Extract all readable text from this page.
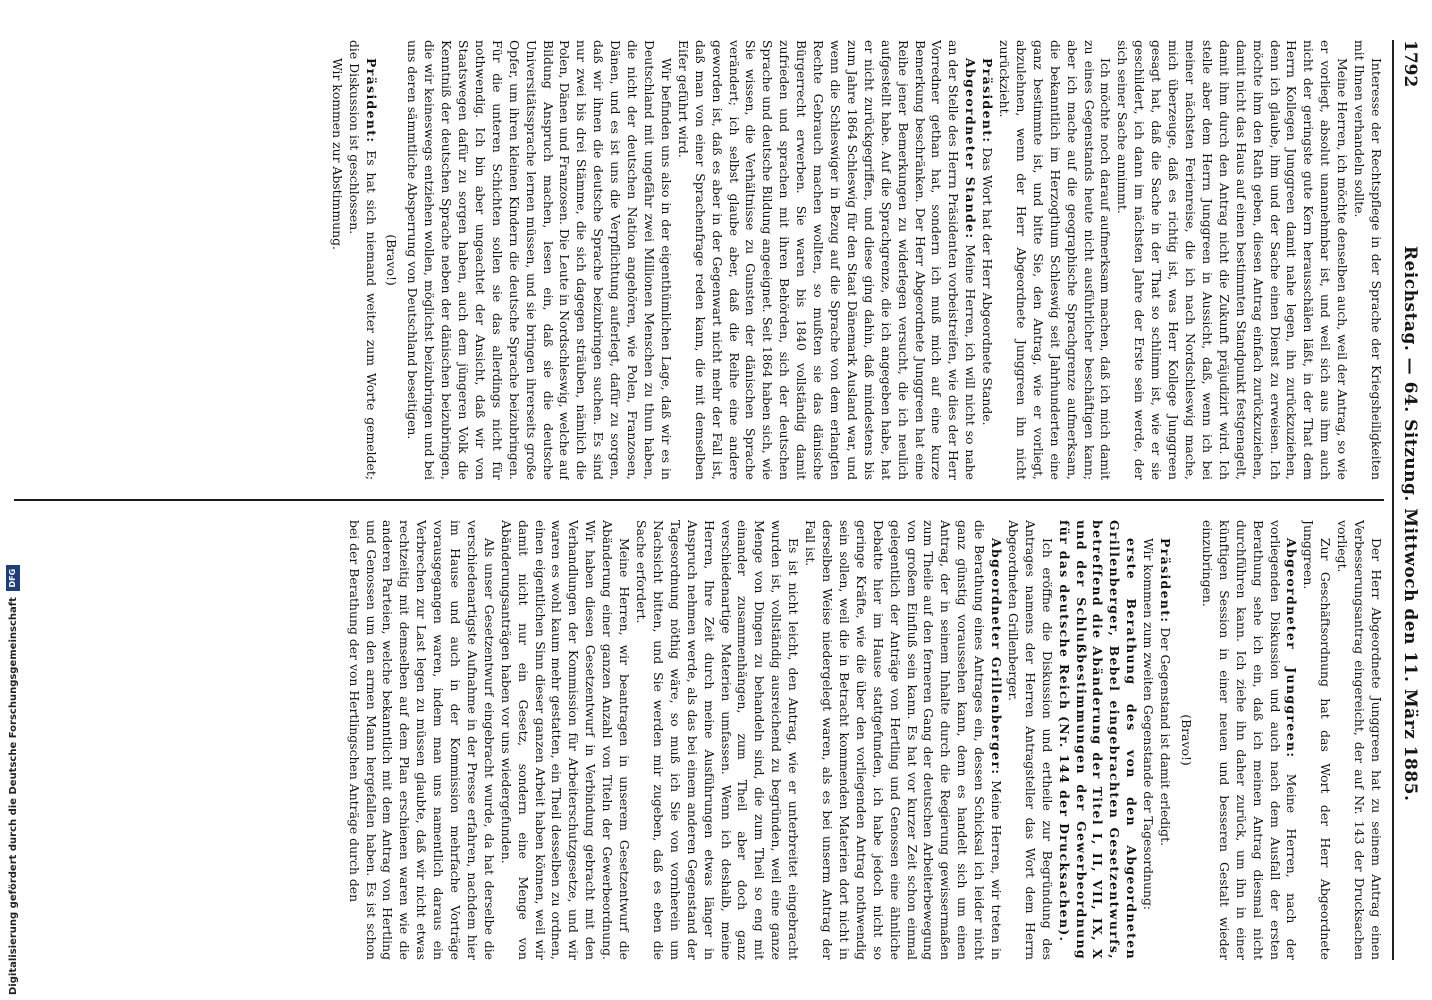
1792
Reichstag. — 64. Sitzung. Mittwoch den 11. März 1885.

Interesse der Rechtspflege in der Sprache der Kriegsheiligkeiten mit Ihnen verhandeln sollte.

Meine Herren, ich möchte denselben auch, weil der Antrag, so wie er vorliegt, absolut unannehmbar ist, und weil sich aus ihm auch nicht der geringste gute Kern herausschälen läßt, in der That dem Herrn Kollegen Junggreen damit nahe legen, ihn zurückzuziehen, denn ich glaube, ihm und der Sache einen Dienst zu erweisen. Ich möchte ihm den Rath geben, diesen Antrag einfach zurückzuziehen, damit nicht das Haus auf einen bestimmten Standpunkt festgenagelt, damit ihm durch den Antrag nicht die Zukunft präjudizirt wird. Ich stelle aber dem Herrn Junggreen in Aussicht, daß, wenn ich bei meiner nächsten Ferienreise, die ich nach Nordschleswig mache, mich überzeuge, daß es richtig ist, was Herr Kollege Junggreen gesagt hat, daß die Sache in der That so schlimm ist, wie er sie geschildert, ich dann im nächsten Jahre der Erste sein werde, der sich seiner Sache annimmt.

Ich möchte noch darauf aufmerksam machen, daß ich mich damit zu eines Gegenstands heute nicht ausführlicher beschäftigen kann; aber ich mache auf die geographische Sprachgrenze aufmerksam, die bekanntlich im Herzogthum Schleswig seit Jahrhunderten eine ganz bestimmte ist, und bitte Sie, den Antrag, wie er vorliegt, abzulehnen, wenn der Herr Abgeordnete Junggreen ihn nicht zurückzieht.

Präsident: Das Wort hat der Herr Abgeordnete Stande.

Abgeordneter Stande: Meine Herren, ich will nicht so nahe an der Stelle des Herrn Präsidenten vorbeistreifen, wie dies der Herr Vorredner gethan hat, sondern ich muß mich auf eine kurze Bemerkung beschränken. Der Herr Abgeordnete Junggreen hat eine Reihe jener Bemerkungen zu widerlegen versucht, die ich neulich aufgestellt habe. Auf die Sprachgrenze, die ich angegeben habe, hat er nicht zurückgegriffen, und diese ging dahin, daß mindestens bis zum Jahre 1864 Schleswig für den Staat Dänemark Ausland war, und wenn die Schleswiger in Bezug auf die Sprache von dem erlangten Rechte Gebrauch machen wollten, so mußten sie das dänische Bürgerrecht erwerben. Sie waren bis 1840 vollständig damit zufrieden und sprachen mit ihren Behörden, sich der deutschen Sprache und deutsche Bildung angeeignet. Seit 1864 haben sich, wie Sie wissen, die Verhältnisse zu Gunsten der dänischen Sprache verändert; ich selbst glaube aber, daß die Reihe eine andere geworden ist, daß es aber in der Gegenwart nicht mehr der Fall ist, daß man von einer Sprachenfrage reden kann, die mit demselben Eifer geführt wird.

Wir befinden uns also in der eigenthümlichen Lage, daß wir es in Deutschland mit ungefähr zwei Millionen Menschen zu thun haben, die nicht der deutschen Nation angehören, wie Polen, Franzosen, Dänen, und es ist uns die Verpflichtung auferlegt, dafür zu sorgen, daß wir ihnen die deutsche Sprache beizubringen suchen. Es sind nur zwei bis drei Stämme, die sich dagegen sträuben, nämlich die Polen, Dänen und Franzosen. Die Leute in Nordschleswig, welche auf Bildung Anspruch machen, lesen ein, daß sie die deutsche Universitätssprache lernen müssen, und sie bringen ihrerseits große Opfer, um ihren kleinen Kindern die deutsche Sprache beizubringen. Für die unteren Schichten sollen sie das allerdings nicht für nothwendig. Ich bin aber ungeachtet der Ansicht, daß wir von Staatswegen dafür zu sorgen haben, auch dem jüngeren Volk die Kenntniß der deutschen Sprache neben der dänischen beizubringen, die wir keineswegs entziehen wollen, möglichst beizubringen und bei uns deren sämmtliche Absperrung von Deutschland beseitigen.

(Bravo!)

Präsident: Es hat sich niemand weiter zum Worte gemeldet; die Diskussion ist geschlossen.

Wir kommen zur Abstimmung.

Der Herr Abgeordnete Junggreen hat zu seinem Antrag einen Verbesserungsantrag eingereicht, der auf Nr. 143 der Drucksachen vorliegt.

Zur Geschäftsordnung hat das Wort der Herr Abgeordnete Junggreen.

Abgeordneter Junggreen: Meine Herren, nach der vorliegenden Diskussion und auch nach dem Ausfall der ersten Berathung sehe ich ein, daß ich meinen Antrag diesmal nicht durchführen kann. Ich ziehe ihn daher zurück, um ihn in einer künftigen Session in einer neuen und besseren Gestalt wieder einzubringen.

(Bravo!)

Präsident: Der Gegenstand ist damit erledigt.

Wir kommen zum zweiten Gegenstande der Tagesordnung:

erste Berathung des von den Abgeordneten Grillenberger, Bebel eingebrachten Gesetzentwurfs, betreffend die Abänderung der Titel I, II, VII, IX, X und der Schlußbestimmungen der Gewerbeordnung für das deutsche Reich (Nr. 144 der Drucksachen).

Ich eröffne die Diskussion und ertheile zur Begründung des Antrages namens der Herren Antragsteller das Wort dem Herrn Abgeordneten Grillenberger.

Abgeordneter Grillenberger: Meine Herren, wir treten in die Berathung eines Antrages ein, dessen Schicksal ich leider nicht ganz günstig voraussehen kann, denn es handelt sich um einen Antrag, der in seinem Inhalte durch die Regierung gewissermaßen zum Theile auf den ferneren Gang der deutschen Arbeiterbewegung von großem Einfluß sein kann. Es hat vor kurzer Zeit schon einmal gelegentlich der Anträge von Hertling und Genossen eine ähnliche Debatte hier im Hause stattgefunden, ich habe jedoch nicht so geringe Kräfte, wie die über den vorliegenden Antrag nothwendig sein sollen, weil die in Betracht kommenden Materien dort nicht in derselben Weise niedergelegt waren, als es bei unserm Antrag der Fall ist.

Es ist nicht leicht, den Antrag, wie er unterbreitet eingebracht wurden ist, vollständig ausreichend zu begründen, weil eine ganze Menge von Dingen zu behandeln sind, die zum Theil so eng mit einander zusammenhängen, zum Theil aber doch ganz verschiedenartige Materien umfassen. Wenn ich deshalb, meine Herren, Ihre Zeit durch meine Ausführungen etwas länger in Anspruch nehmen werde, als das bei einem anderen Gegenstand der Tagesordnung nöthig wäre, so muß ich Sie von vornherein um Nachsicht bitten, und Sie werden mir zugeben, daß es eben die Sache erfordert.

Meine Herren, wir beantragen in unserem Gesetzentwurf die Abänderung einer ganzen Anzahl von Titeln der Gewerbeordnung. Wir haben diesen Gesetzentwurf in Verbindung gebracht mit den Verhandlungen der Kommission für Arbeiterschutzgesetze, und wir waren es wohl kaum mehr gestatten, ein Theil desselben zu ordnen, einen eigentlichen Sinn dieser ganzen Arbeit haben können, weil wir damit nicht nur ein Gesetz, sondern eine Menge von Abänderungsanträgen haben vor uns wiedergefunden.

Als unser Gesetzentwurf eingebracht wurde, da hat derselbe die verschiedenartigste Aufnahme in der Presse erfahren, nachdem hier im Hause und auch in der Kommission mehrfache Vorträge vorausgegangen waren, indem man uns namentlich daraus ein Verbrechen zur Last legen zu müssen glaubte, daß wir nicht etwas rechtzeitig mit demselben auf dem Plan erschienen waren wie die anderen Parteien, welche bekanntlich mit dem Antrag von Hertling und Genossen um den armen Mann hergefallen haben. Es ist schon bei der Berathung der von Hertlingschen Anträge durch den

Digitalisierung gefördert durch die Deutsche Forschungsgemeinschaft
DFG
